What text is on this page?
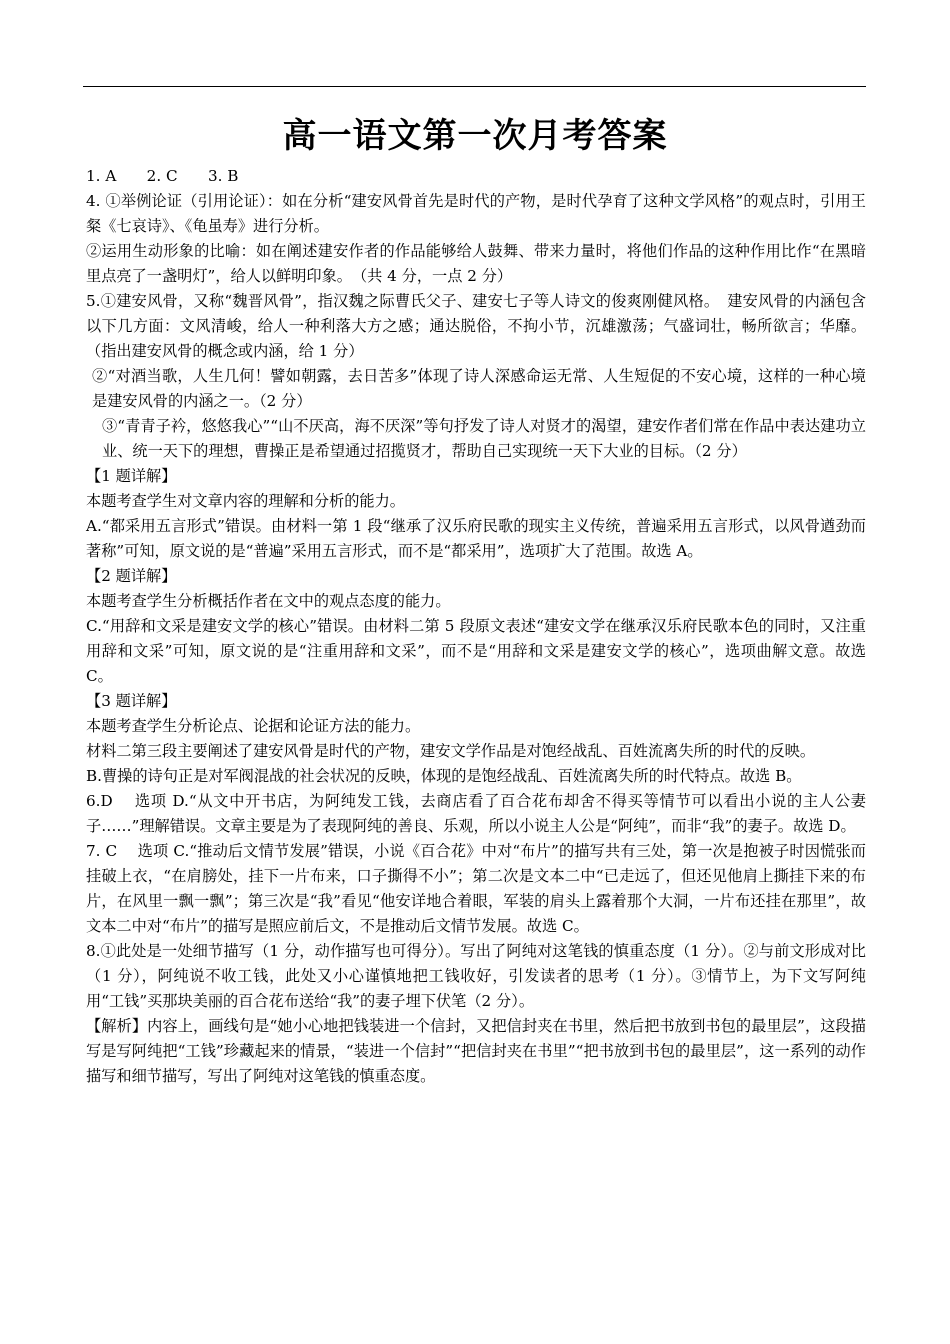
高一语文第一次月考答案

1. A　　2. C　　3. B

4. ①举例论证（引用论证）：如在分析“建安风骨首先是时代的产物，是时代孕育了这种文学风格”的观点时，引用王粲《七哀诗》、《龟虽寿》进行分析。

②运用生动形象的比喻：如在阐述建安作者的作品能够给人鼓舞、带来力量时，将他们作品的这种作用比作“在黑暗里点亮了一盏明灯”，给人以鲜明印象。　（共 4 分，一点 2 分）

5.①建安风骨，又称“魏晋风骨”，指汉魏之际曹氏父子、建安七子等人诗文的俊爽刚健风格。　建安风骨的内涵包含以下几方面：文风清峻，给人一种利落大方之感；通达脱俗，不拘小节，沉雄激荡；气盛词壮，畅所欲言；华靡。（指出建安风骨的概念或内涵，给 1 分）

②“对酒当歌，人生几何！譬如朝露，去日苦多”体现了诗人深感命运无常、人生短促的不安心境，这样的一种心境是建安风骨的内涵之一。（2 分）

③“青青子衿，悠悠我心”“山不厌高，海不厌深”等句抒发了诗人对贤才的渴望，建安作者们常在作品中表达建功立业、统一天下的理想，曹操正是希望通过招揽贤才，帮助自己实现统一天下大业的目标。（2 分）

【1 题详解】

本题考查学生对文章内容的理解和分析的能力。

A.“都采用五言形式”错误。由材料一第 1 段“继承了汉乐府民歌的现实主义传统，普遍采用五言形式，以风骨遒劲而著称”可知，原文说的是“普遍”采用五言形式，而不是“都采用”，选项扩大了范围。故选 A。

【2 题详解】

本题考查学生分析概括作者在文中的观点态度的能力。

C.“用辞和文采是建安文学的核心”错误。由材料二第 5 段原文表述“建安文学在继承汉乐府民歌本色的同时，又注重用辞和文采”可知，原文说的是“注重用辞和文采”，而不是“用辞和文采是建安文学的核心”，选项曲解文意。故选 C。

【3 题详解】

本题考查学生分析论点、论据和论证方法的能力。

材料二第三段主要阐述了建安风骨是时代的产物，建安文学作品是对饱经战乱、百姓流离失所的时代的反映。

B.曹操的诗句正是对军阀混战的社会状况的反映，体现的是饱经战乱、百姓流离失所的时代特点。故选 B。

6.D　 选项 D.“从文中开书店，为阿纯发工钱，去商店看了百合花布却舍不得买等情节可以看出小说的主人公妻子……”理解错误。文章主要是为了表现阿纯的善良、乐观，所以小说主人公是“阿纯”，而非“我”的妻子。故选 D。

7. C　 选项 C.“推动后文情节发展”错误，小说《百合花》中对“布片”的描写共有三处，第一次是抱被子时因慌张而挂破上衣，“在肩膀处，挂下一片布来，口子撕得不小”；第二次是文本二中“已走远了，但还见他肩上撕挂下来的布片，在风里一飘一飘”；第三次是“我”看见“他安详地合着眼，军装的肩头上露着那个大洞，一片布还挂在那里”，故文本二中对“布片”的描写是照应前后文，不是推动后文情节发展。故选 C。

8.①此处是一处细节描写（1 分，动作描写也可得分）。写出了阿纯对这笔钱的慎重态度（1 分）。②与前文形成对比（1 分），阿纯说不收工钱，此处又小心谨慎地把工钱收好，引发读者的思考（1 分）。③情节上，为下文写阿纯用“工钱”买那块美丽的百合花布送给“我”的妻子埋下伏笔（2 分）。

【解析】内容上，画线句是“她小心地把钱装进一个信封，又把信封夹在书里，然后把书放到书包的最里层”，这段描写是写阿纯把“工钱”珍藏起来的情景，“装进一个信封”“把信封夹在书里”“把书放到书包的最里层”，这一系列的动作描写和细节描写，写出了阿纯对这笔钱的慎重态度。
